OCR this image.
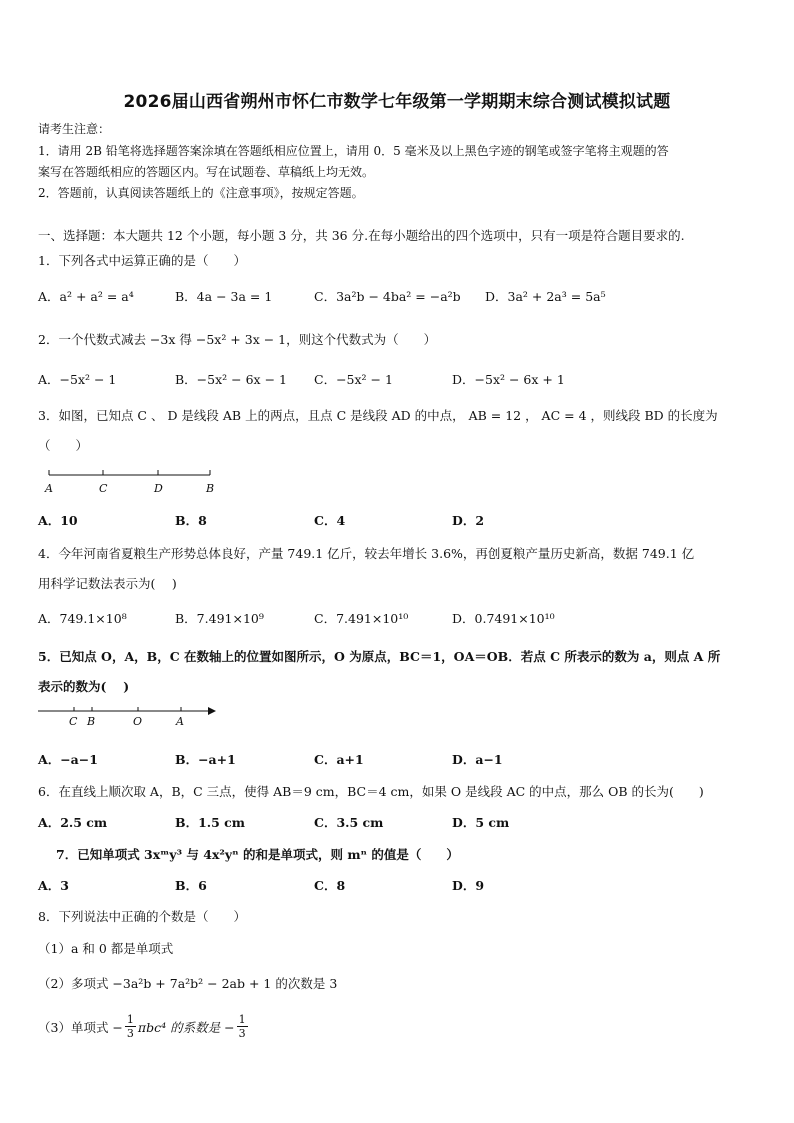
2026届山西省朔州市怀仁市数学七年级第一学期期末综合测试模拟试题
请考生注意：
1．请用 2B 铅笔将选择题答案涂填在答题纸相应位置上，请用 0．5 毫米及以上黑色字迹的钢笔或签字笔将主观题的答
案写在答题纸相应的答题区内。写在试题卷、草稿纸上均无效。
2．答题前，认真阅读答题纸上的《注意事项》，按规定答题。
一、选择题：本大题共 12 个小题，每小题 3 分，共 36 分.在每小题给出的四个选项中，只有一项是符合题目要求的.
1．下列各式中运算正确的是（　　）
A．a² + a² = a⁴	B．4a − 3a = 1	C．3a²b − 4ba² = −a²b D．3a² + 2a³ = 5a⁵
2．一个代数式减去 −3x 得 −5x² + 3x − 1，则这个代数式为（　　）
A．−5x² − 1	B．−5x² − 6x − 1 C．−5x² − 1	D．−5x² − 6x + 1
3．如图，已知点 C 、 D 是线段 AB 上的两点，且点 C 是线段 AD 的中点， AB = 12 ， AC = 4 ，则线段 BD 的长度为
（　　）
A	C	D	B
A．10	B．8	C．4	D．2
4．今年河南省夏粮生产形势总体良好，产量 749.1 亿斤，较去年增长 3.6%，再创夏粮产量历史新高，数据 749.1 亿
用科学记数法表示为(　 )
A．749.1×10⁸	B．7.491×10⁹	C．7.491×10¹⁰	D．0.7491×10¹⁰
5．已知点 O，A，B，C 在数轴上的位置如图所示，O 为原点，BC＝1，OA＝OB．若点 C 所表示的数为 a，则点 A 所
表示的数为(　 )
C B	O	A
A．−a−1	B．−a+1	C．a+1	D．a−1
6．在直线上顺次取 A，B，C 三点，使得 AB＝9 cm，BC＝4 cm，如果 O 是线段 AC 的中点，那么 OB 的长为(　　)
A．2.5 cm	B．1.5 cm	C．3.5 cm	D．5 cm
7．已知单项式 3xᵐy³ 与 4x²yⁿ 的和是单项式，则 mⁿ 的值是（　　）
A．3	B．6	C．8	D．9
8．下列说法中正确的个数是（　　）
（1）a 和 0 都是单项式
（2）多项式 −3a²b + 7a²b² − 2ab + 1 的次数是 3
（3）单项式 − $\frac{1}{3} \pi bc^4$ 的系数是 − $\frac{1}{3}$
